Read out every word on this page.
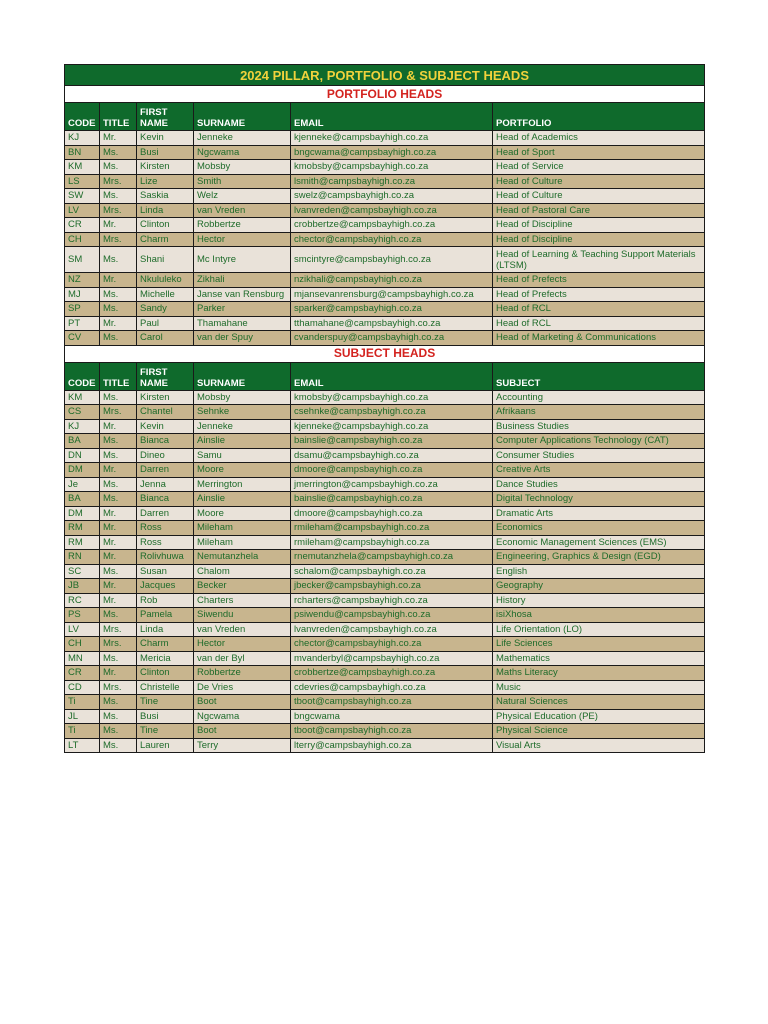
2024 PILLAR, PORTFOLIO & SUBJECT HEADS					
PORTFOLIO HEADS					
CODE	TITLE	FIRST NAME	SURNAME	EMAIL	PORTFOLIO
KJ	Mr.	Kevin	Jenneke	kjenneke@campsbayhigh.co.za	Head of Academics
BN	Ms.	Busi	Ngcwama	bngcwama@campsbayhigh.co.za	Head of Sport
KM	Ms.	Kirsten	Mobsby	kmobsby@campsbayhigh.co.za	Head of Service
LS	Mrs.	Lize	Smith	lsmith@campsbayhigh.co.za	Head of Culture
SW	Ms.	Saskia	Welz	swelz@campsbayhigh.co.za	Head of Culture
LV	Mrs.	Linda	van Vreden	lvanvreden@campsbayhigh.co.za	Head of Pastoral Care
CR	Mr.	Clinton	Robbertze	crobbertze@campsbayhigh.co.za	Head of Discipline
CH	Mrs.	Charm	Hector	chector@campsbayhigh.co.za	Head of Discipline
SM	Ms.	Shani	Mc Intyre	smcintyre@campsbayhigh.co.za	Head of Learning & Teaching Support Materials (LTSM)
NZ	Mr.	Nkululeko	Zikhali	nzikhali@campsbayhigh.co.za	Head of Prefects
MJ	Ms.	Michelle	Janse van Rensburg	mjansevanrensburg@campsbayhigh.co.za	Head of Prefects
SP	Ms.	Sandy	Parker	sparker@campsbayhigh.co.za	Head of RCL
PT	Mr.	Paul	Thamahane	tthamahane@campsbayhigh.co.za	Head of RCL
CV	Ms.	Carol	van der Spuy	cvanderspuy@campsbayhigh.co.za	Head of Marketing & Communications
SUBJECT HEADS					
CODE	TITLE	FIRST NAME	SURNAME	EMAIL	SUBJECT
KM	Ms.	Kirsten	Mobsby	kmobsby@campsbayhigh.co.za	Accounting
CS	Mrs.	Chantel	Sehnke	csehnke@campsbayhigh.co.za	Afrikaans
KJ	Mr.	Kevin	Jenneke	kjenneke@campsbayhigh.co.za	Business Studies
BA	Ms.	Bianca	Ainslie	bainslie@campsbayhigh.co.za	Computer Applications Technology (CAT)
DN	Ms.	Dineo	Samu	dsamu@campsbayhigh.co.za	Consumer Studies
DM	Mr.	Darren	Moore	dmoore@campsbayhigh.co.za	Creative Arts
Je	Ms.	Jenna	Merrington	jmerrington@campsbayhigh.co.za	Dance Studies
BA	Ms.	Bianca	Ainslie	bainslie@campsbayhigh.co.za	Digital Technology
DM	Mr.	Darren	Moore	dmoore@campsbayhigh.co.za	Dramatic Arts
RM	Mr.	Ross	Mileham	rmileham@campsbayhigh.co.za	Economics
RM	Mr.	Ross	Mileham	rmileham@campsbayhigh.co.za	Economic Management Sciences (EMS)
RN	Mr.	Rolivhuwa	Nemutanzhela	rnemutanzhela@campsbayhigh.co.za	Engineering, Graphics & Design (EGD)
SC	Ms.	Susan	Chalom	schalom@campsbayhigh.co.za	English
JB	Mr.	Jacques	Becker	jbecker@campsbayhigh.co.za	Geography
RC	Mr.	Rob	Charters	rcharters@campsbayhigh.co.za	History
PS	Ms.	Pamela	Siwendu	psiwendu@campsbayhigh.co.za	isiXhosa
LV	Mrs.	Linda	van Vreden	lvanvreden@campsbayhigh.co.za	Life Orientation (LO)
CH	Mrs.	Charm	Hector	chector@campsbayhigh.co.za	Life Sciences
MN	Ms.	Mericia	van der Byl	mvanderbyl@campsbayhigh.co.za	Mathematics
CR	Mr.	Clinton	Robbertze	crobbertze@campsbayhigh.co.za	Maths Literacy
CD	Mrs.	Christelle	De Vries	cdevries@campsbayhigh.co.za	Music
Ti	Ms.	Tine	Boot	tboot@campsbayhigh.co.za	Natural Sciences
JL	Ms.	Busi	Ngcwama	bngcwama	Physical Education (PE)
Ti	Ms.	Tine	Boot	tboot@campsbayhigh.co.za	Physical Science
LT	Ms.	Lauren	Terry	lterry@campsbayhigh.co.za	Visual Arts
